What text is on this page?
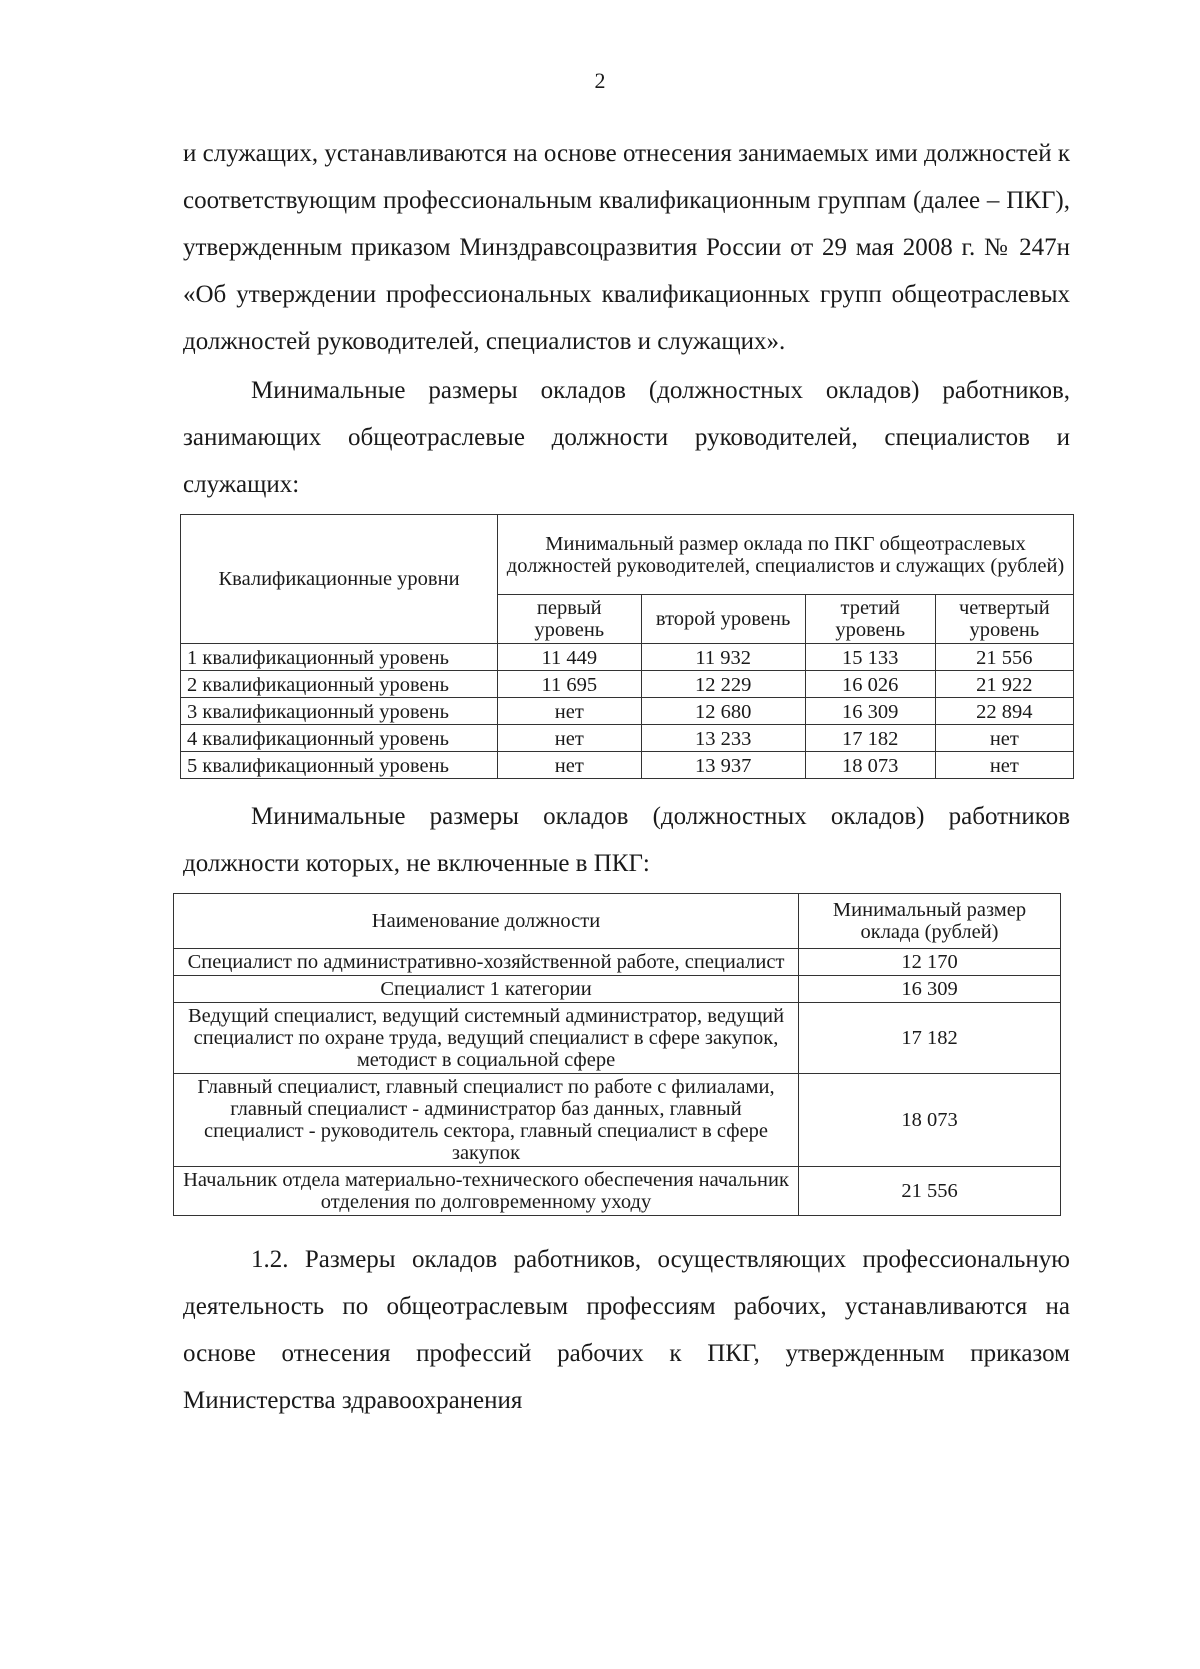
2

и служащих, устанавливаются на основе отнесения занимаемых ими должностей к соответствующим профессиональным квалификационным группам (далее – ПКГ), утвержденным приказом Минздравсоцразвития России от 29 мая 2008 г. № 247н «Об утверждении профессиональных квалификационных групп общеотраслевых должностей руководителей, специалистов и служащих».

Минимальные размеры окладов (должностных окладов) работников, занимающих общеотраслевые должности руководителей, специалистов и служащих:

Квалификационные уровни	Минимальный размер оклада по ПКГ общеотраслевых должностей руководителей, специалистов и служащих (рублей)			
	первый уровень	второй уровень	третий уровень	четвертый уровень
1 квалификационный уровень	11 449	11 932	15 133	21 556
2 квалификационный уровень	11 695	12 229	16 026	21 922
3 квалификационный уровень	нет	12 680	16 309	22 894
4 квалификационный уровень	нет	13 233	17 182	нет
5 квалификационный уровень	нет	13 937	18 073	нет

Минимальные размеры окладов (должностных окладов) работников должности которых, не включенные в ПКГ:

Наименование должности	Минимальный размер оклада (рублей)
Специалист по административно-хозяйственной работе, специалист	12 170
Специалист 1 категории	16 309
Ведущий специалист, ведущий системный администратор, ведущий специалист по охране труда, ведущий специалист в сфере закупок, методист в социальной сфере	17 182
Главный специалист, главный специалист по работе с филиалами, главный специалист - администратор баз данных, главный специалист - руководитель сектора, главный специалист в сфере закупок	18 073
Начальник отдела материально-технического обеспечения начальник отделения по долговременному уходу	21 556

1.2. Размеры окладов работников, осуществляющих профессиональную деятельность по общеотраслевым профессиям рабочих, устанавливаются на основе отнесения профессий рабочих к ПКГ, утвержденным приказом Министерства здравоохранения
